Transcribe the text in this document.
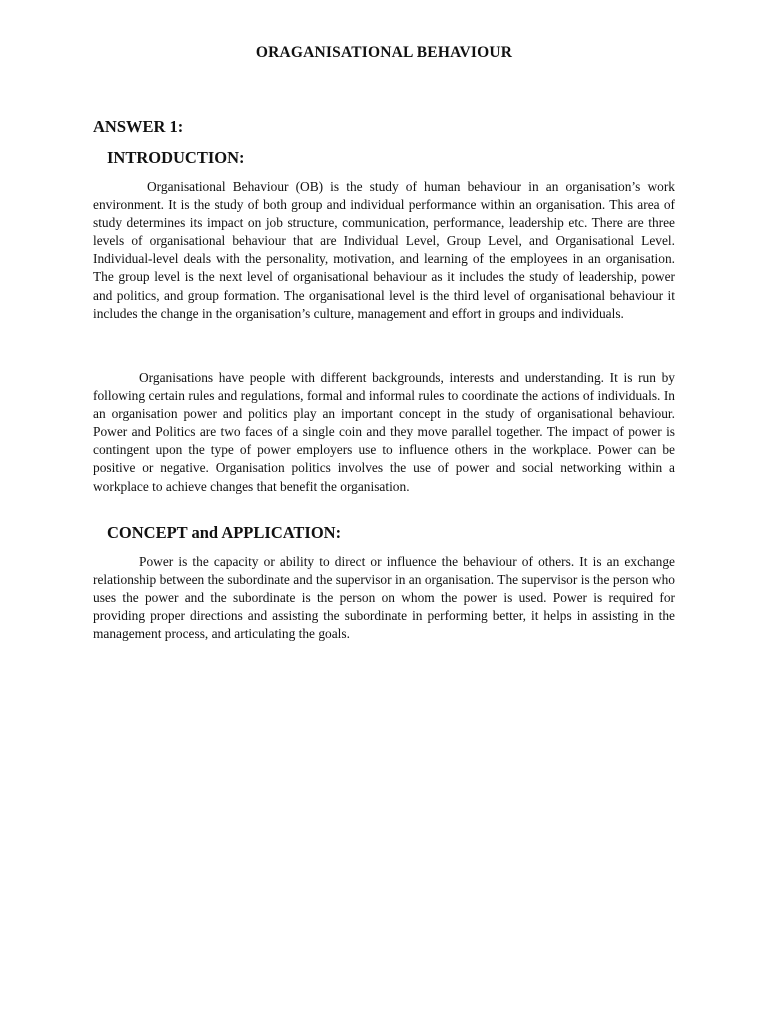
ORAGANISATIONAL BEHAVIOUR
ANSWER 1:
INTRODUCTION:

Organisational Behaviour (OB) is the study of human behaviour in an organisation’s work environment. It is the study of both group and individual performance within an organisation. This area of study determines its impact on job structure, communication, performance, leadership etc. There are three levels of organisational behaviour that are Individual Level, Group Level, and Organisational Level. Individual-level deals with the personality, motivation, and learning of the employees in an organisation. The group level is the next level of organisational behaviour as it includes the study of leadership, power and politics, and group formation. The organisational level is the third level of organisational behaviour it includes the change in the organisation’s culture, management and effort in groups and individuals.

Organisations have people with different backgrounds, interests and understanding. It is run by following certain rules and regulations, formal and informal rules to coordinate the actions of individuals. In an organisation power and politics play an important concept in the study of organisational behaviour. Power and Politics are two faces of a single coin and they move parallel together. The impact of power is contingent upon the type of power employers use to influence others in the workplace. Power can be positive or negative. Organisation politics involves the use of power and social networking within a workplace to achieve changes that benefit the organisation.

CONCEPT and APPLICATION:

Power is the capacity or ability to direct or influence the behaviour of others. It is an exchange relationship between the subordinate and the supervisor in an organisation. The supervisor is the person who uses the power and the subordinate is the person on whom the power is used. Power is required for providing proper directions and assisting the subordinate in performing better, it helps in assisting in the management process, and articulating the goals.
